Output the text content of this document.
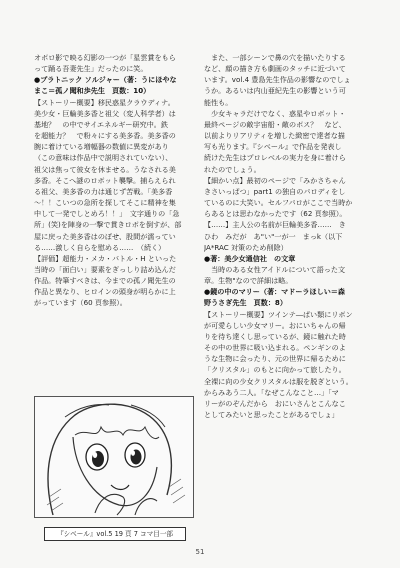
オボロ影で映る幻影の一つが「星雲賞をもら
って踊る吾妻先生」だったのに笑。
●プラトニック ソルジャー（著：うにほやな
まこ＝孤ノ聞和歩先生　頁数：10）
【ストーリー概要】移民惑星クラウディナ。
美少女・巨輪美多香と祖父（変人科学者）は
基地？　の中でサイエネルギー研究中。鉄
を超能力？　で粉々にする美多香。美多香の
腕に着けている増幅器の数値に異変があり
（この意味は作品中で説明されていない）、
祖父は焦って彼女を休ませる。うなされる美
多香。そこへ謎のロボット襲撃。捕らえられ
る祖父、美多香の力は通じず苦戦。「美多香
〜！！こいつの急所を探してそこに精神を集
中して一発でしとめろ！！」　文字通りの「急
所」(笑)を陣身の一撃で貫きロボを倒すが、部
屋に戻った美多香はのぼせ、股間が濡ってい
る……激しく自らを慰める……　（続く）
【評価】超能力・メカ・バトル・H といった
当時の「面白い」要素をぎっしり詰め込んだ
作品。特筆すべきは、今までの孤ノ聞先生の
作品と異なり、ヒロインの頭身が明らかに上
がっています（60 頁参照）。
『シベール』vol.5 19 頁 7 コマ目一部
　また、一部シーンで鼻の穴を描いたりする
など、顔の描き方も劇画のタッチに近づいて
います。vol.4 豊島先生作品の影響なのでしょ
うか。あるいは内山亜紀先生の影響という可
能性も。
　少女キャラだけでなく、惑星やロボット・
最終ページの敵宇宙船・敵のボス？　など、
以前よりリアリティを増した緻密で達者な描
写も光ります。『シベール』で作品を発表し
続けた先生はプロレベルの実力を身に着けら
れたのでしょう。
【細かい点】最初のページで「みかさちゃん
きさいっぱつ」part1 の独自のパロディをし
ているのに大笑い。セルフパロがここで当時か
らあるとは思わなかったです（62 頁参照）。
【……】主人公の名前が巨輪美多香……　き
ひわ　みだが　あ"い"一が一　まっk（以下
JA*RAC 対策のため削除）
●著：美少女通信社　の文章
　当時のある女性アイドルについて語った文
章。生物"なので詳細は略。
●鏡の中のマリー（著：マドーラほしい＝森
野うさぎ先生　頁数：8）
【ストーリー概要】ツインテ―ぱい類にリボン
が可愛らしい少女マリー。おにいちゃんの帰
りを待ち達くし思っているが、鏡に触れた時
その中の世界に吸い込まれる。ペンギンのよ
うな生物に会ったり、元の世界に帰るために
「クリスタル」のもとに向かって旅したり。
全裸に向の少女クリスタルは服を脱ぎという。
からみあう二人。「なぜこんなこと…」「マ
リーがのぞんだから　おにいさんとこんなこ
としてみたいと思ったことがあるでしょ」
51
